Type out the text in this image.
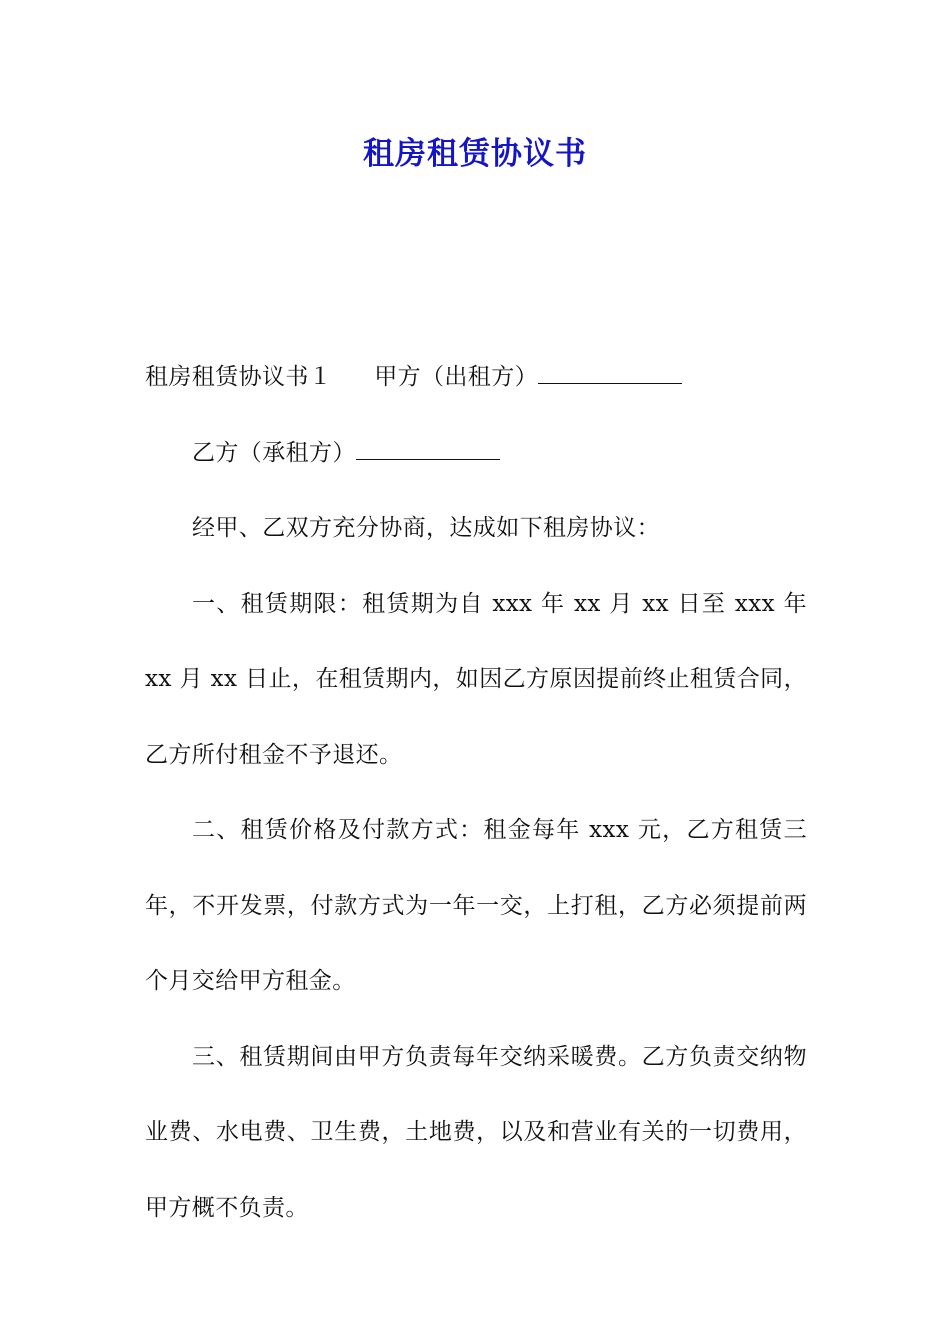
租房租赁协议书

租房租赁协议书１ 甲方（出租方）

乙方（承租方）

经甲、乙双方充分协商，达成如下租房协议：

一、租赁期限：租赁期为自 xxx 年 xx 月 xx 日至 xxx 年 xx 月 xx 日止，在租赁期内，如因乙方原因提前终止租赁合同，乙方所付租金不予退还。

二、租赁价格及付款方式：租金每年 xxx 元，乙方租赁三年，不开发票，付款方式为一年一交，上打租，乙方必须提前两个月交给甲方租金。

三、租赁期间由甲方负责每年交纳采暖费。乙方负责交纳物业费、水电费、卫生费，土地费，以及和营业有关的一切费用，甲方概不负责。
